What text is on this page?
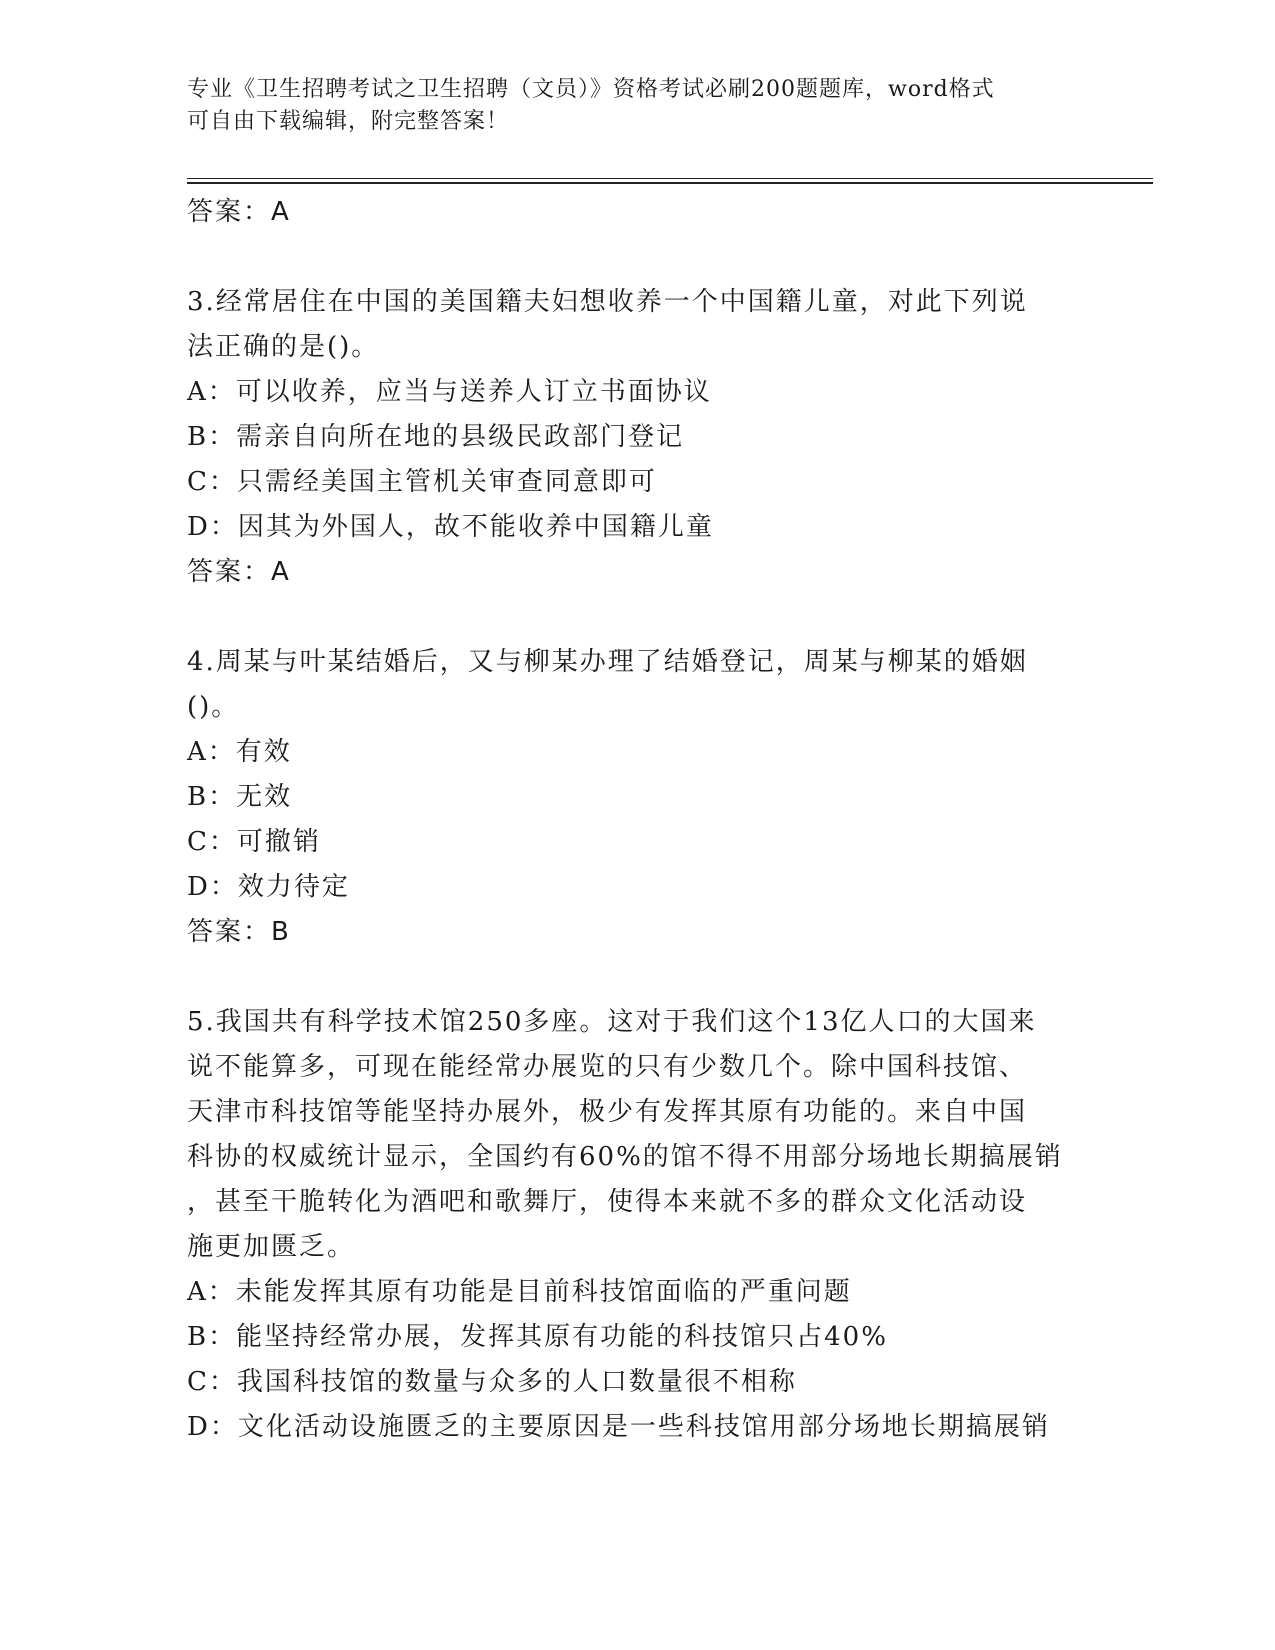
专业《卫生招聘考试之卫生招聘（文员）》资格考试必刷200题题库，word格式
可自由下载编辑，附完整答案！
答案：A
3.经常居住在中国的美国籍夫妇想收养一个中国籍儿童，对此下列说
法正确的是()。
A：可以收养，应当与送养人订立书面协议
B：需亲自向所在地的县级民政部门登记
C：只需经美国主管机关审查同意即可
D：因其为外国人，故不能收养中国籍儿童
答案：A
4.周某与叶某结婚后，又与柳某办理了结婚登记，周某与柳某的婚姻
()。
A：有效
B：无效
C：可撤销
D：效力待定
答案：B
5.我国共有科学技术馆250多座。这对于我们这个13亿人口的大国来
说不能算多，可现在能经常办展览的只有少数几个。除中国科技馆、
天津市科技馆等能坚持办展外，极少有发挥其原有功能的。来自中国
科协的权威统计显示，全国约有60%的馆不得不用部分场地长期搞展销
，甚至干脆转化为酒吧和歌舞厅，使得本来就不多的群众文化活动设
施更加匮乏。
A：未能发挥其原有功能是目前科技馆面临的严重问题
B：能坚持经常办展，发挥其原有功能的科技馆只占40%
C：我国科技馆的数量与众多的人口数量很不相称
D：文化活动设施匮乏的主要原因是一些科技馆用部分场地长期搞展销
